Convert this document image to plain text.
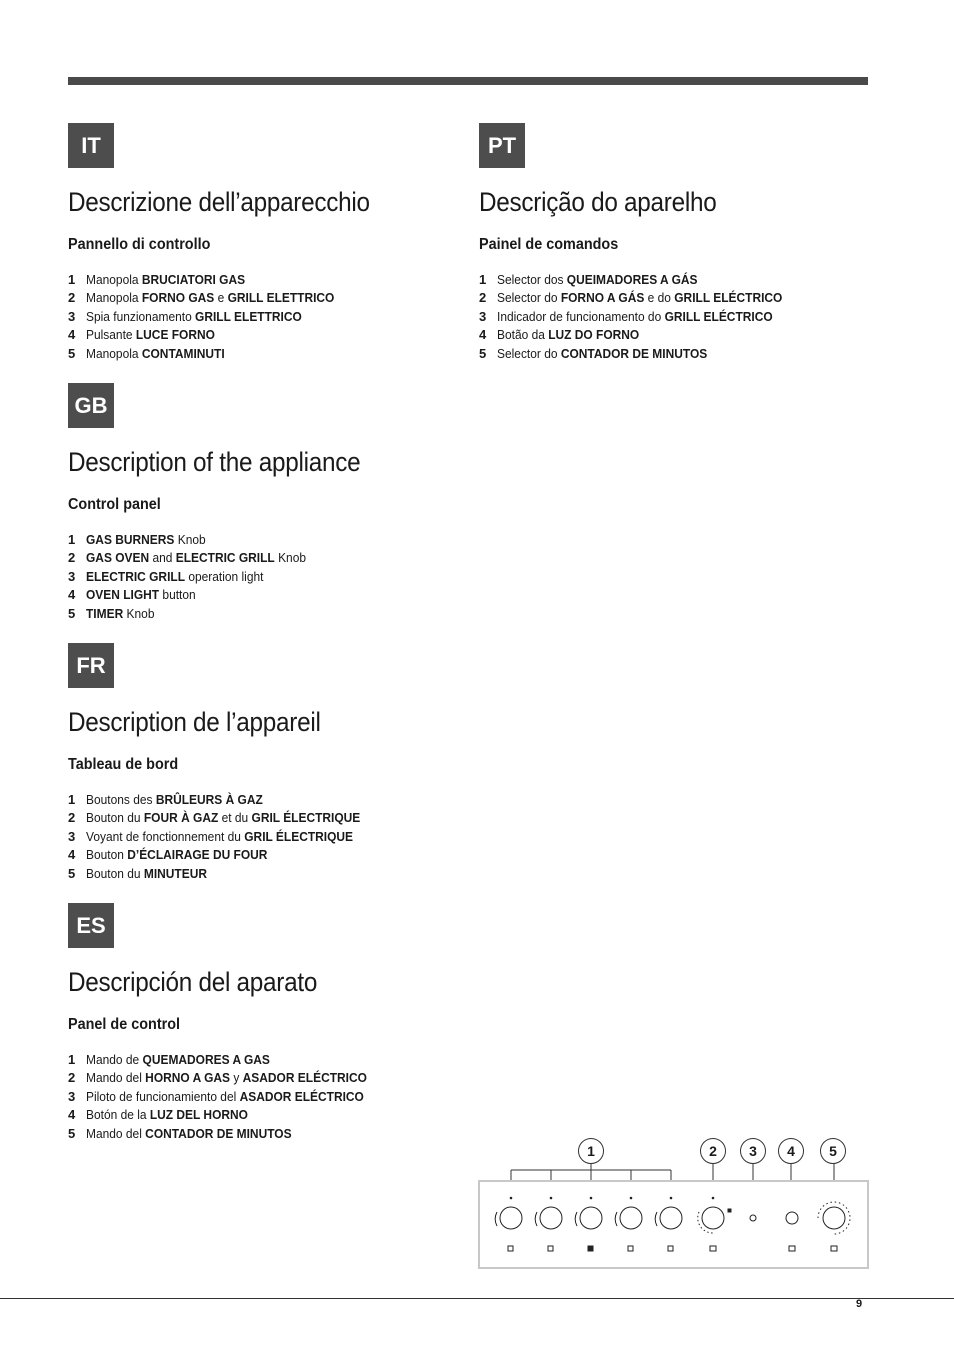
IT
Descrizione dell’apparecchio
Pannello di controllo
1 Manopola BRUCIATORI GAS
2 Manopola FORNO GAS e GRILL ELETTRICO
3 Spia funzionamento GRILL ELETTRICO
4 Pulsante LUCE FORNO
5 Manopola CONTAMINUTI
GB
Description of the appliance
Control panel
1 GAS BURNERS Knob
2 GAS OVEN and ELECTRIC GRILL Knob
3 ELECTRIC GRILL operation light
4 OVEN LIGHT button
5 TIMER Knob
FR
Description de l’appareil
Tableau de bord
1 Boutons des BRÛLEURS À GAZ
2 Bouton du FOUR À GAZ et du GRIL ÉLECTRIQUE
3 Voyant de fonctionnement du GRIL ÉLECTRIQUE
4 Bouton D’ÉCLAIRAGE DU FOUR
5 Bouton du MINUTEUR
ES
Descripción del aparato
Panel de control
1 Mando de QUEMADORES A GAS
2 Mando del HORNO A GAS y ASADOR ELÉCTRICO
3 Piloto de funcionamiento del ASADOR ELÉCTRICO
4 Botón de la LUZ DEL HORNO
5 Mando del CONTADOR DE MINUTOS
PT
Descrição do aparelho
Painel de comandos
1 Selector dos QUEIMADORES A GÁS
2 Selector do FORNO A GÁS e do GRILL ELÉCTRICO
3 Indicador de funcionamento do GRILL ELÉCTRICO
4 Botão da LUZ DO FORNO
5 Selector do CONTADOR DE MINUTOS
1	2	3	4	5
9
